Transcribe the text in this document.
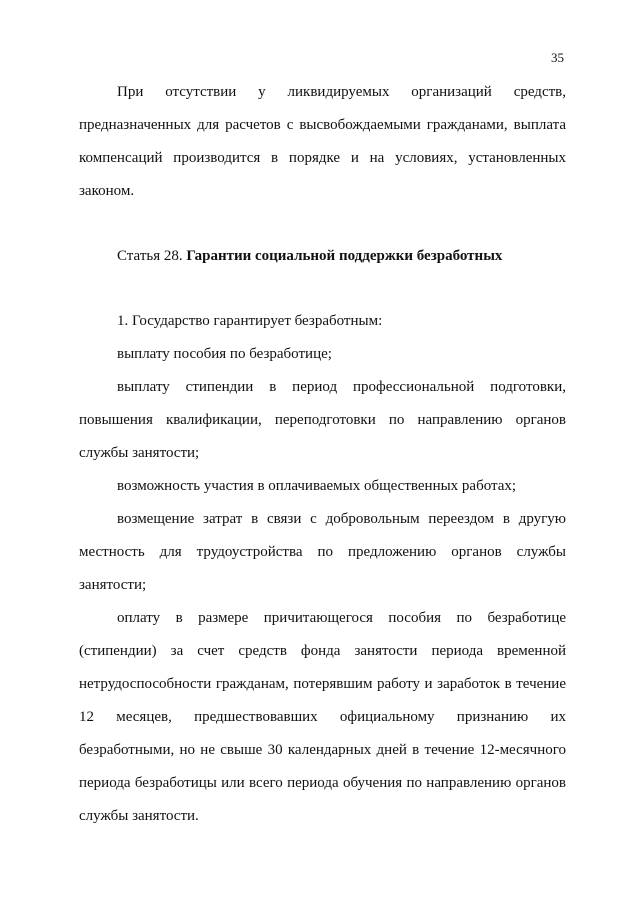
35

При отсутствии у ликвидируемых организаций средств, предназначенных для расчетов с высвобождаемыми гражданами, выплата компенсаций производится в порядке и на условиях, установленных законом.

Статья 28. Гарантии социальной поддержки безработных

1. Государство гарантирует безработным:

выплату пособия по безработице;

выплату стипендии в период профессиональной подготовки, повышения квалификации, переподготовки по направлению органов службы занятости;

возможность участия в оплачиваемых общественных работах;

возмещение затрат в связи с добровольным переездом в другую местность для трудоустройства по предложению органов службы занятости;

оплату в размере причитающегося пособия по безработице (стипендии) за счет средств фонда занятости периода временной нетрудоспособности гражданам, потерявшим работу и заработок в течение 12 месяцев, предшествовавших официальному признанию их безработными, но не свыше 30 календарных дней в течение 12-месячного периода безработицы или всего периода обучения по направлению органов службы занятости.
